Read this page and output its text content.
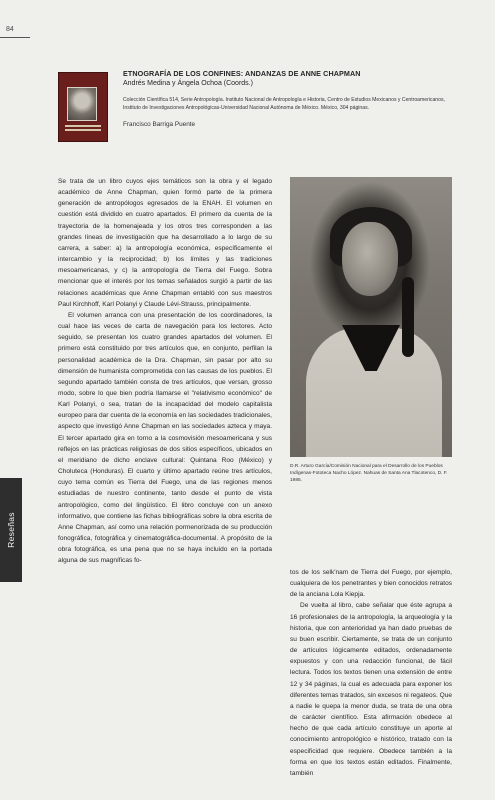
84

ETNOGRAFÍA DE LOS CONFINES: ANDANZAS DE ANNE CHAPMAN

Andrés Medina y Ángela Ochoa (Coords.)

Colección Científica 514, Serie Antropología. Instituto Nacional de Antropología e Historia, Centro de Estudios Mexicanos y Centroamericanos, Instituto de Investigaciones Antropológicas-Universidad Nacional Autónoma de México. México, 304 páginas.
Francisco Barriga Puente

Se trata de un libro cuyos ejes temáticos son la obra y el legado académico de Anne Chapman, quien formó parte de la primera generación de antropólogos egresados de la ENAH. El volumen en cuestión está dividido en cuatro apartados. El primero da cuenta de la trayectoria de la homenajeada y los otros tres corresponden a las grandes líneas de investigación que ha desarrollado a lo largo de su carrera, a saber: a) la antropología económica, específicamente el intercambio y la reciprocidad; b) los límites y las tradiciones mesoamericanas, y c) la antropología de Tierra del Fuego. Sobra mencionar que el interés por los temas señalados surgió a partir de las relaciones académicas que Anne Chapman entabló con sus maestros Paul Kirchhoff, Karl Polanyi y Claude Lévi-Strauss, principalmente.

El volumen arranca con una presentación de los coordinadores, la cual hace las veces de carta de navegación para los lectores. Acto seguido, se presentan los cuatro grandes apartados del volumen. El primero está constituido por tres artículos que, en conjunto, perfilan la personalidad académica de la Dra. Chapman, sin pasar por alto su dimensión de humanista comprometida con las causas de los pueblos. El segundo apartado también consta de tres artículos, que versan, grosso modo, sobre lo que bien podría llamarse el "relativismo económico" de Karl Polanyi, o sea, tratan de la incapacidad del modelo capitalista europeo para dar cuenta de la economía en las sociedades tradicionales, aspecto que investigó Anne Chapman en las sociedades azteca y maya. El tercer apartado gira en torno a la cosmovisión mesoamericana y sus reflejos en las prácticas religiosas de dos sitios específicos, ubicados en el meridiano de dicho enclave cultural: Quintana Roo (México) y Choluteca (Honduras). El cuarto y último apartado reúne tres artículos, cuyo tema común es Tierra del Fuego, una de las regiones menos estudiadas de nuestro continente, tanto desde el punto de vista antropológico, como del lingüístico. El libro concluye con un anexo informativo, que contiene las fichas bibliográficas sobre la obra escrita de Anne Chapman, así como una relación pormenorizada de su producción fonográfica, fotográfica y cinematográfica-documental. A propósito de la obra fotográfica, es una pena que no se haya incluido en la portada alguna de sus magníficas fo-

D.R. Arturo García/Comisión Nacional para el Desarrollo de los Pueblos Indígenas-Fototeca Nacho López. Nahuas de Santa Ana Tlacotenco, D. F. 1985.

tos de los selk'nam de Tierra del Fuego, por ejemplo, cualquiera de los penetrantes y bien conocidos retratos de la anciana Lola Kiepja.

De vuelta al libro, cabe señalar que éste agrupa a 16 profesionales de la antropología, la arqueología y la historia, que con anterioridad ya han dado pruebas de su buen escribir. Ciertamente, se trata de un conjunto de artículos lógicamente editados, ordenadamente expuestos y con una redacción funcional, de fácil lectura. Todos los textos tienen una extensión de entre 12 y 34 páginas, la cual es adecuada para exponer los diferentes temas tratados, sin excesos ni regateos. Que a nadie le quepa la menor duda, se trata de una obra de carácter científico. Esta afirmación obedece al hecho de que cada artículo constituye un aporte al conocimiento antropológico e histórico, tratado con la especificidad que requiere. Obedece también a la forma en que los textos están editados. Finalmente, también

Reseñas
